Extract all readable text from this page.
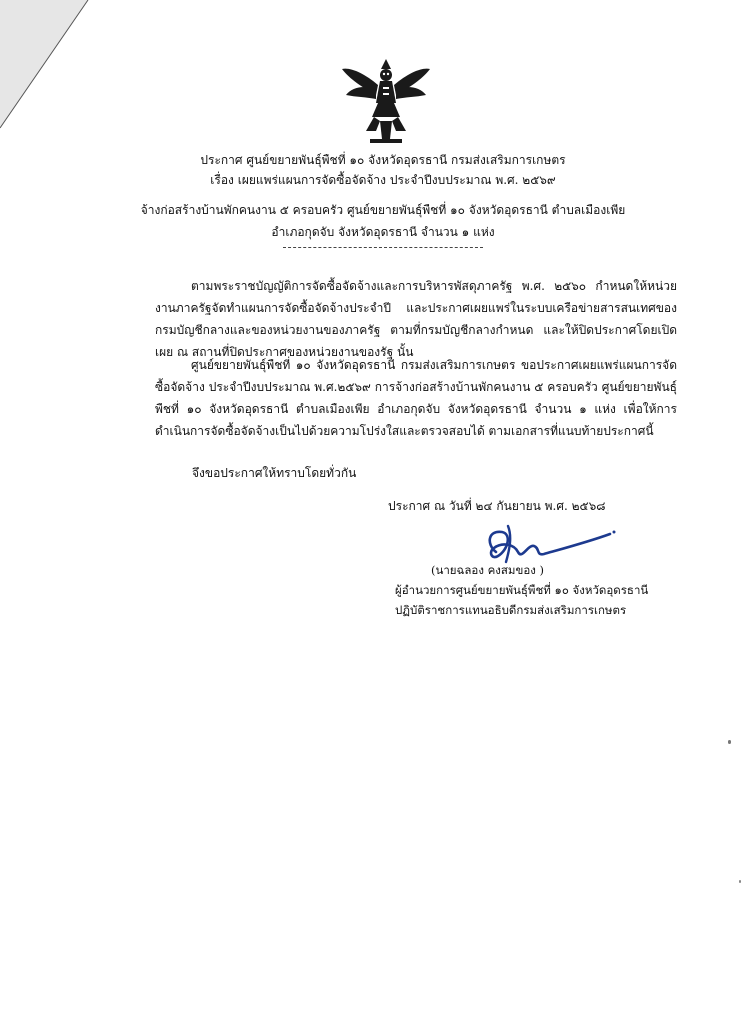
ประกาศ ศูนย์ขยายพันธุ์พืชที่ ๑๐ จังหวัดอุดรธานี กรมส่งเสริมการเกษตร
เรื่อง เผยแพร่แผนการจัดซื้อจัดจ้าง ประจำปีงบประมาณ พ.ศ. ๒๕๖๙
จ้างก่อสร้างบ้านพักคนงาน ๕ ครอบครัว ศูนย์ขยายพันธุ์พืชที่ ๑๐ จังหวัดอุดรธานี ตำบลเมืองเพีย
อำเภอกุดจับ จังหวัดอุดรธานี จำนวน ๑ แห่ง
ตามพระราชบัญญัติการจัดซื้อจัดจ้างและการบริหารพัสดุภาครัฐ พ.ศ. ๒๕๖๐ กำหนดให้หน่วยงานภาครัฐจัดทำแผนการจัดซื้อจัดจ้างประจำปี และประกาศเผยแพร่ในระบบเครือข่ายสารสนเทศของกรมบัญชีกลางและของหน่วยงานของภาครัฐ ตามที่กรมบัญชีกลางกำหนด และให้ปิดประกาศโดยเปิดเผย ณ สถานที่ปิดประกาศของหน่วยงานของรัฐ นั้น
ศูนย์ขยายพันธุ์พืชที่ ๑๐ จังหวัดอุดรธานี กรมส่งเสริมการเกษตร ขอประกาศเผยแพร่แผนการจัดซื้อจัดจ้าง ประจำปีงบประมาณ พ.ศ.๒๕๖๙ การจ้างก่อสร้างบ้านพักคนงาน ๕ ครอบครัว ศูนย์ขยายพันธุ์พืชที่ ๑๐ จังหวัดอุดรธานี ตำบลเมืองเพีย อำเภอกุดจับ จังหวัดอุดรธานี จำนวน ๑ แห่ง เพื่อให้การดำเนินการจัดซื้อจัดจ้างเป็นไปด้วยความโปร่งใสและตรวจสอบได้ ตามเอกสารที่แนบท้ายประกาศนี้
จึงขอประกาศให้ทราบโดยทั่วกัน
ประกาศ ณ วันที่ ๒๔ กันยายน พ.ศ. ๒๕๖๘
(นายฉลอง คงสมของ )
ผู้อำนวยการศูนย์ขยายพันธุ์พืชที่ ๑๐ จังหวัดอุดรธานี
ปฏิบัติราชการแทนอธิบดีกรมส่งเสริมการเกษตร
